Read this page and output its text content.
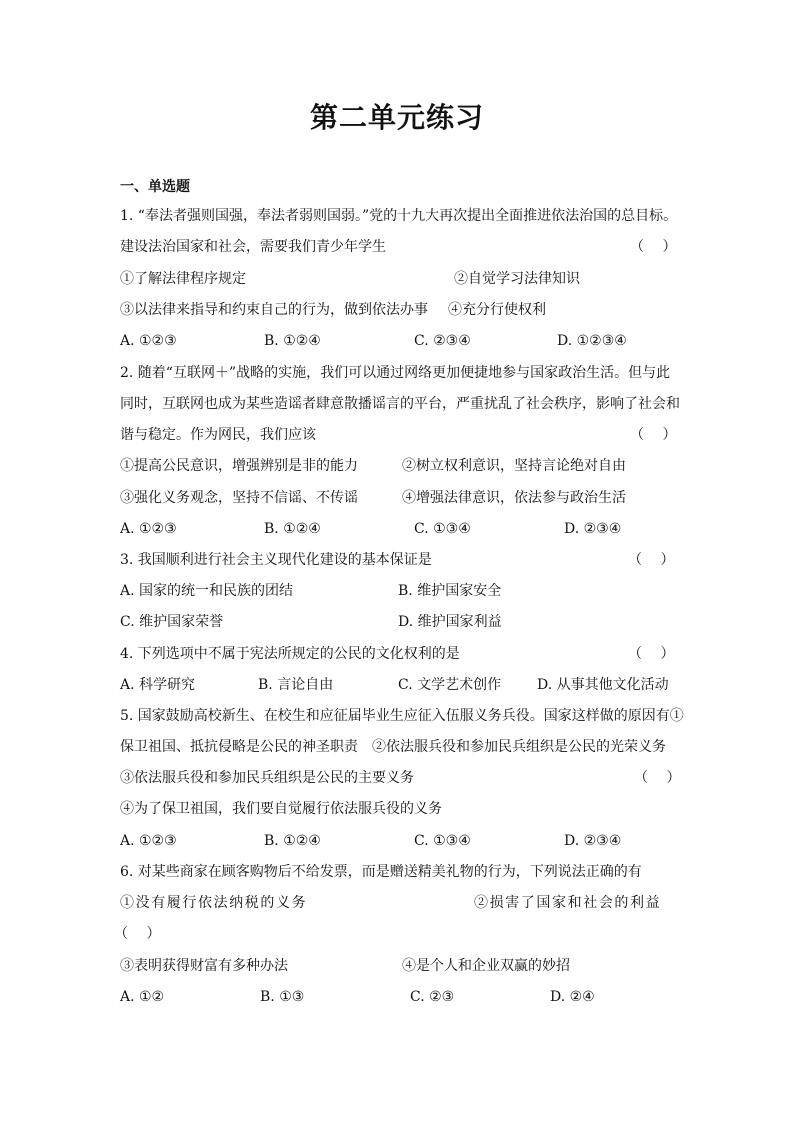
第二单元练习
一、单选题
1. “奉法者强则国强，奉法者弱则国弱。”党的十九大再次提出全面推进依法治国的总目标。
建设法治国家和社会，需要我们青少年学生	（　 ）
①了解法律程序规定	②自觉学习法律知识
③以法律来指导和约束自己的行为，做到依法办事 ④充分行使权利
A. ①②③	B. ①②④	C. ②③④	D. ①②③④
2. 随着“互联网＋”战略的实施，我们可以通过网络更加便捷地参与国家政治生活。但与此
同时，互联网也成为某些造谣者肆意散播谣言的平台，严重扰乱了社会秩序，影响了社会和
谐与稳定。作为网民，我们应该	（　 ）
①提高公民意识，增强辨别是非的能力	②树立权利意识，坚持言论绝对自由
③强化义务观念，坚持不信谣、不传谣	④增强法律意识，依法参与政治生活
A. ①②③	B. ①②④	C. ①③④	D. ②③④
3. 我国顺利进行社会主义现代化建设的基本保证是	（　 ）
A. 国家的统一和民族的团结	B. 维护国家安全
C. 维护国家荣誉	D. 维护国家利益
4. 下列选项中不属于宪法所规定的公民的文化权利的是	（　 ）
A. 科学研究	B. 言论自由	C. 文学艺术创作	D. 从事其他文化活动
5. 国家鼓励高校新生、在校生和应征届毕业生应征入伍服义务兵役。国家这样做的原因有①
保卫祖国、抵抗侵略是公民的神圣职责　②依法服兵役和参加民兵组织是公民的光荣义务
③依法服兵役和参加民兵组织是公民的主要义务	（　 ）
④为了保卫祖国，我们要自觉履行依法服兵役的义务
A. ①②③	B. ①②④	C. ①③④	D. ②③④
6. 对某些商家在顾客购物后不给发票，而是赠送精美礼物的行为，下列说法正确的有
①没有履行依法纳税的义务	②损害了国家和社会的利益
（　 ）
③表明获得财富有多种办法	④是个人和企业双赢的妙招
A. ①②	B. ①③	C. ②③	D. ②④
